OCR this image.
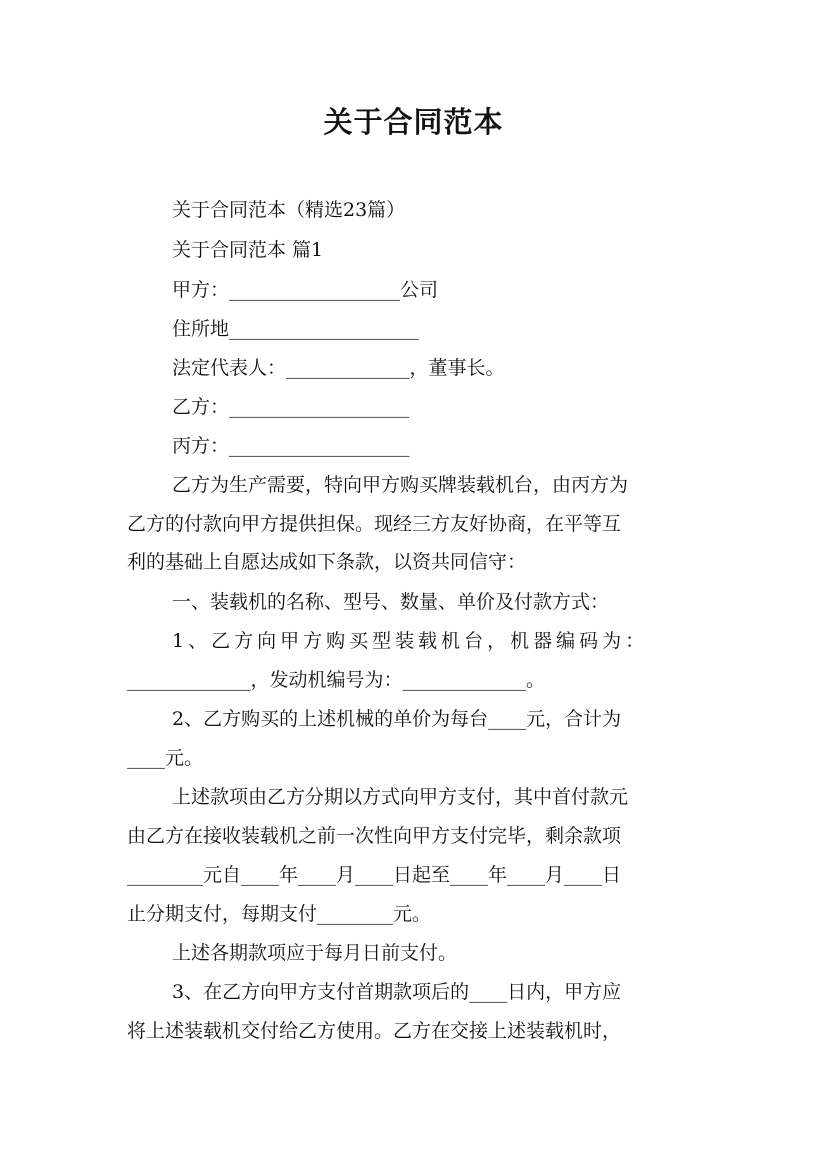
关于合同范本
关于合同范本（精选23篇）
关于合同范本 篇1
甲方：__________________公司
住所地____________________
法定代表人：_____________，董事长。
乙方：___________________
丙方：___________________
乙方为生产需要，特向甲方购买牌装载机台，由丙方为
乙方的付款向甲方提供担保。现经三方友好协商，在平等互
利的基础上自愿达成如下条款，以资共同信守：
一、装载机的名称、型号、数量、单价及付款方式：
1、乙方向甲方购买型装载机台，机器编码为：
_____________，发动机编号为：_____________。
2、乙方购买的上述机械的单价为每台____元，合计为
____元。
上述款项由乙方分期以方式向甲方支付，其中首付款元
由乙方在接收装载机之前一次性向甲方支付完毕，剩余款项
________元自____年____月____日起至____年____月____日
止分期支付，每期支付________元。
上述各期款项应于每月日前支付。
3、在乙方向甲方支付首期款项后的____日内，甲方应
将上述装载机交付给乙方使用。乙方在交接上述装载机时，
